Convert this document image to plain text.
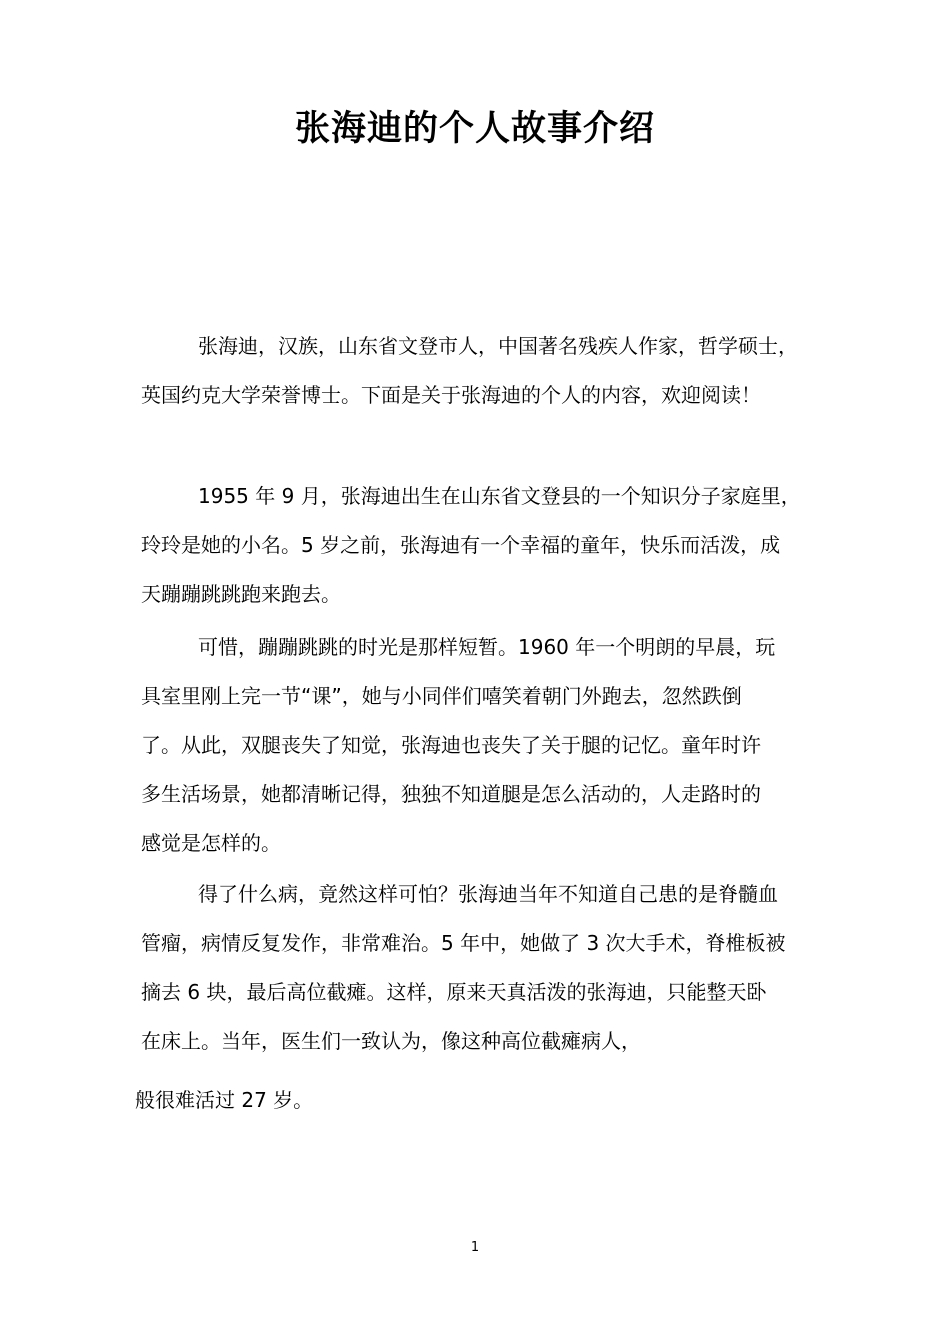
张海迪的个人故事介绍
张海迪，汉族，山东省文登市人，中国著名残疾人作家，哲学硕士，
英国约克大学荣誉博士。下面是关于张海迪的个人的内容，欢迎阅读！
1955 年 9 月，张海迪出生在山东省文登县的一个知识分子家庭里，
玲玲是她的小名。5 岁之前，张海迪有一个幸福的童年，快乐而活泼，成
天蹦蹦跳跳跑来跑去。
可惜，蹦蹦跳跳的时光是那样短暂。1960 年一个明朗的早晨，玩
具室里刚上完一节“课”，她与小同伴们嘻笑着朝门外跑去，忽然跌倒
了。从此，双腿丧失了知觉，张海迪也丧失了关于腿的记忆。童年时许
多生活场景，她都清晰记得，独独不知道腿是怎么活动的，人走路时的
感觉是怎样的。
得了什么病，竟然这样可怕？张海迪当年不知道自己患的是脊髓血
管瘤，病情反复发作，非常难治。5 年中，她做了 3 次大手术，脊椎板被
摘去 6 块，最后高位截瘫。这样，原来天真活泼的张海迪，只能整天卧
在床上。当年，医生们一致认为，像这种高位截瘫病人，
般很难活过 27 岁。
1
